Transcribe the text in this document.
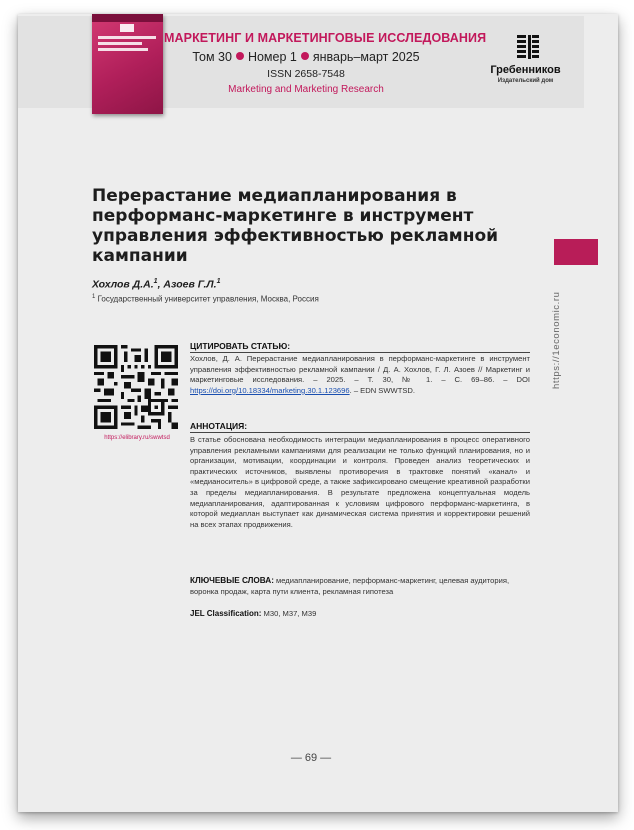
МАРКЕТИНГ И МАРКЕТИНГОВЫЕ ИССЛЕДОВАНИЯ
Том 30 Номер 1 январь–март 2025
ISSN 2658-7548
Marketing and Marketing Research
Гребенников
Издательский дом
Перерастание медиапланирования в перформанс-маркетинге в инструмент управления эффективностью рекламной кампании
Хохлов Д.А.$^1$, Азоев Г.Л.$^1$
$^1$ Государственный университет управления, Москва, Россия	https://1economic.ru
https://elibrary.ru/swwtsd
ЦИТИРОВАТЬ СТАТЬЮ:
Хохлов, Д. А. Перерастание медиапланирования в перформанс-маркетинге в инструмент управления эффективностью рекламной кампании / Д. А. Хохлов, Г. Л. Азоев // Маркетинг и маркетинговые исследования. – 2025. – Т. 30, № 1. – С. 69–86. – DOI https://doi.org/10.18334/marketing.30.1.123696. – EDN SWWTSD.
АННОТАЦИЯ:
В статье обоснована необходимость интеграции медиапланирования в процесс оперативного управления рекламными кампаниями для реализации не только функций планирования, но и организации, мотивации, координации и контроля. Проведен анализ теоретических и практических источников, выявлены противоречия в трактовке понятий «канал» и «медианоситель» в цифровой среде, а также зафиксировано смещение креативной разработки за пределы медиапланирования. В результате предложена концептуальная модель медиапланирования, адаптированная к условиям цифрового перформанс-маркетинга, в которой медиаплан выступает как динамическая система принятия и корректировки решений на всех этапах продвижения.
КЛЮЧЕВЫЕ СЛОВА: медиапланирование, перформанс-маркетинг, целевая аудитория, воронка продаж, карта пути клиента, рекламная гипотеза
JEL Classification: M30, M37, M39
— 69 —
